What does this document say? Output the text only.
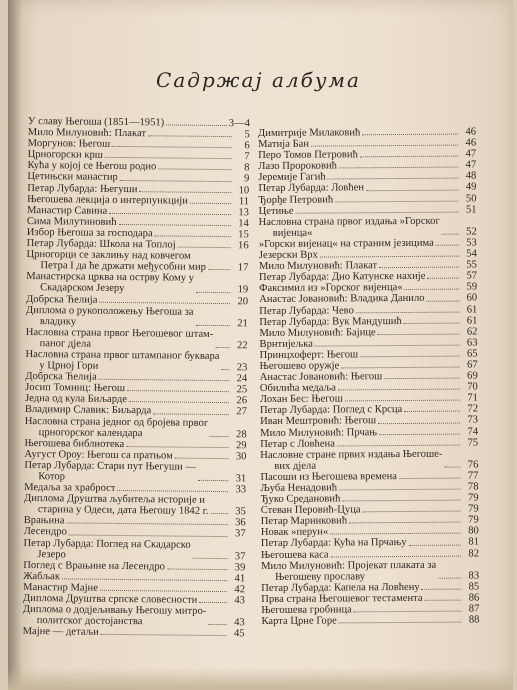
Садржај албума
У славу Његоша (1851—1951)	3—4
Мило Милуновић: Плакат	5
Моргунов: Његош	6
Црногорски крш	7
Кућа у којој се Његош родио	8
Цетињски манастир	9
Петар Лубарда: Његуши	10
Његошева лекција о интерпункцији	11
Манастир Савина	13
Сима Милутиновић	14
Избор Његоша за господара	15
Петар Лубарда: Школа на Топлој	16
Црногорци се заклињу над ковчегом
Петра I да ће држати међусобни мир	17
Манастирска црква на острву Кому у
Скадарском Језеру	19
Добрска Ћелија	20
Диплома о рукоположењу Његоша за
владику	21
Насловна страна првог Његошевог штам-
паног дјела	22
Насловна страна првог штампаног буквара
у Црној Гори	23
Добрска Ћелија	24
Јосип Томинц: Његош	25
Једна од кула Биљарде	26
Владимир Славик: Биљарда	27
Насловна страна једног од бројева првог
црногорског календара	28
Његошева библиотека	29
Аугуст Ороу: Његош са пратњом	30
Петар Лубарда: Стари пут Његуши —
Котор	31
Медаља за храброст	33
Диплома Друштва љубитеља историје и
старина у Одеси, дата Његошу 1842 г.	35
Врањина	36
Лесендро	37
Петар Лубарда: Поглед на Скадарско
Језеро	37
Поглед с Врањине на Лесендро	39
Жабљак	41
Манастир Мајне	42
Диплома Друштва српске словесности	43
Диплома о додјељивању Његошу митро-
политског достојанства	43
Мајне — детаљи	45
Димитрије Милаковић	46
Матија Бан	46
Перо Томов Петровић	47
Лазо Пророковић	47
Јеремије Гагић	48
Петар Лубарда: Ловћен	49
Ђорђе Петровић	50
Цетиње	51
Насловна страна првог издања »Горског
вијенца«	52
»Горски вијенац« на страним језицима	53
Језерски Врх	54
Мило Милуновић: Плакат	55
Петар Лубарда: Дио Катунске нахије	57
Факсимил из »Горског вијенца«	59
Анастас Јовановић: Владика Данило	60
Петар Лубарда: Чево	61
Петар Лубарда: Вук Мандушић	61
Мило Милуновић: Бајице	62
Врнтијељка	63
Принцхоферт: Његош	65
Његошево оружје	67
Анастас Јовановић: Његош	69
Обилића медаља	70
Лохан Бес: Његош	71
Петар Лубарда: Поглед с Крсца	72
Иван Мештровић: Његош	73
Мило Милуновић: Прчањ	74
Петар с Ловћена	75
Насловне стране првих издања Његоше-
вих дјела	76
Пасоши из Његошева времена	77
Љуба Ненадовић	78
Ђуко Средановић	79
Стеван Перовић-Цуца	79
Петар Маринковић	79
Новак »перун«	80
Петар Лубарда: Кућа на Прчању	81
Његошева каса	82
Мило Милуновић: Пројекат плаката за
Његошеву прославу	83
Петар Лубарда: Капела на Ловћену	85
Прва страна Његошевог тестамента	86
Његошева гробница	87
Карта Црне Горе	88
